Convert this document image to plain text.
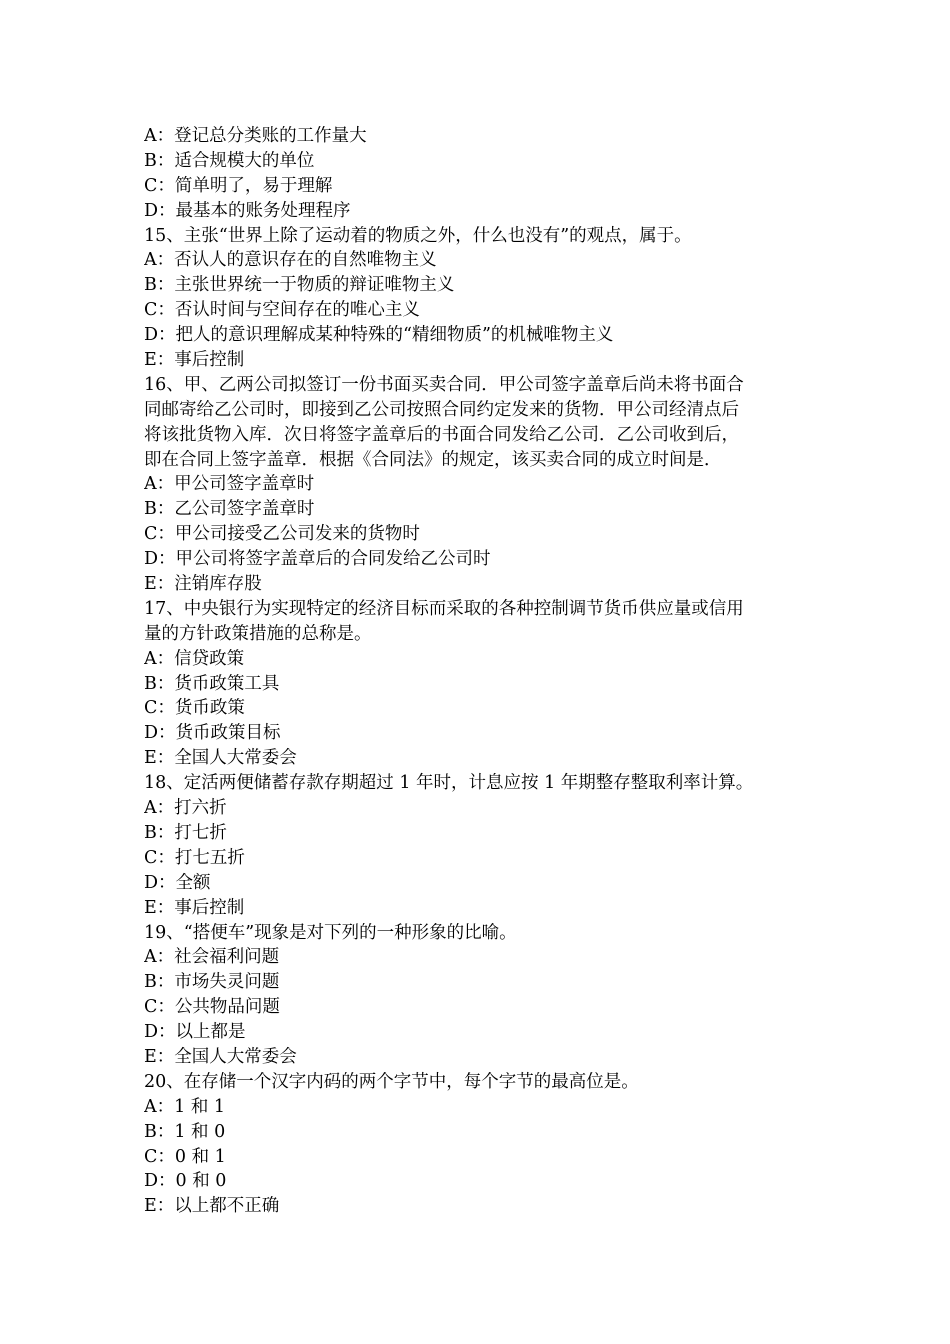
A：登记总分类账的工作量大
B：适合规模大的单位
C：简单明了，易于理解
D：最基本的账务处理程序
15、主张“世界上除了运动着的物质之外，什么也没有”的观点，属于。
A：否认人的意识存在的自然唯物主义
B：主张世界统一于物质的辩证唯物主义
C：否认时间与空间存在的唯心主义
D：把人的意识理解成某种特殊的“精细物质”的机械唯物主义
E：事后控制
16、甲、乙两公司拟签订一份书面买卖合同．甲公司签字盖章后尚未将书面合
同邮寄给乙公司时，即接到乙公司按照合同约定发来的货物．甲公司经清点后
将该批货物入库．次日将签字盖章后的书面合同发给乙公司．乙公司收到后，
即在合同上签字盖章．根据《合同法》的规定，该买卖合同的成立时间是．
A：甲公司签字盖章时
B：乙公司签字盖章时
C：甲公司接受乙公司发来的货物时
D：甲公司将签字盖章后的合同发给乙公司时
E：注销库存股
17、中央银行为实现特定的经济目标而采取的各种控制调节货币供应量或信用
量的方针政策措施的总称是。
A：信贷政策
B：货币政策工具
C：货币政策
D：货币政策目标
E：全国人大常委会
18、定活两便储蓄存款存期超过 1 年时，计息应按 1 年期整存整取利率计算。
A：打六折
B：打七折
C：打七五折
D：全额
E：事后控制
19、“搭便车”现象是对下列的一种形象的比喻。
A：社会福利问题
B：市场失灵问题
C：公共物品问题
D：以上都是
E：全国人大常委会
20、在存储一个汉字内码的两个字节中，每个字节的最高位是。
A：1 和 1
B：1 和 0
C：0 和 1
D：0 和 0
E：以上都不正确
